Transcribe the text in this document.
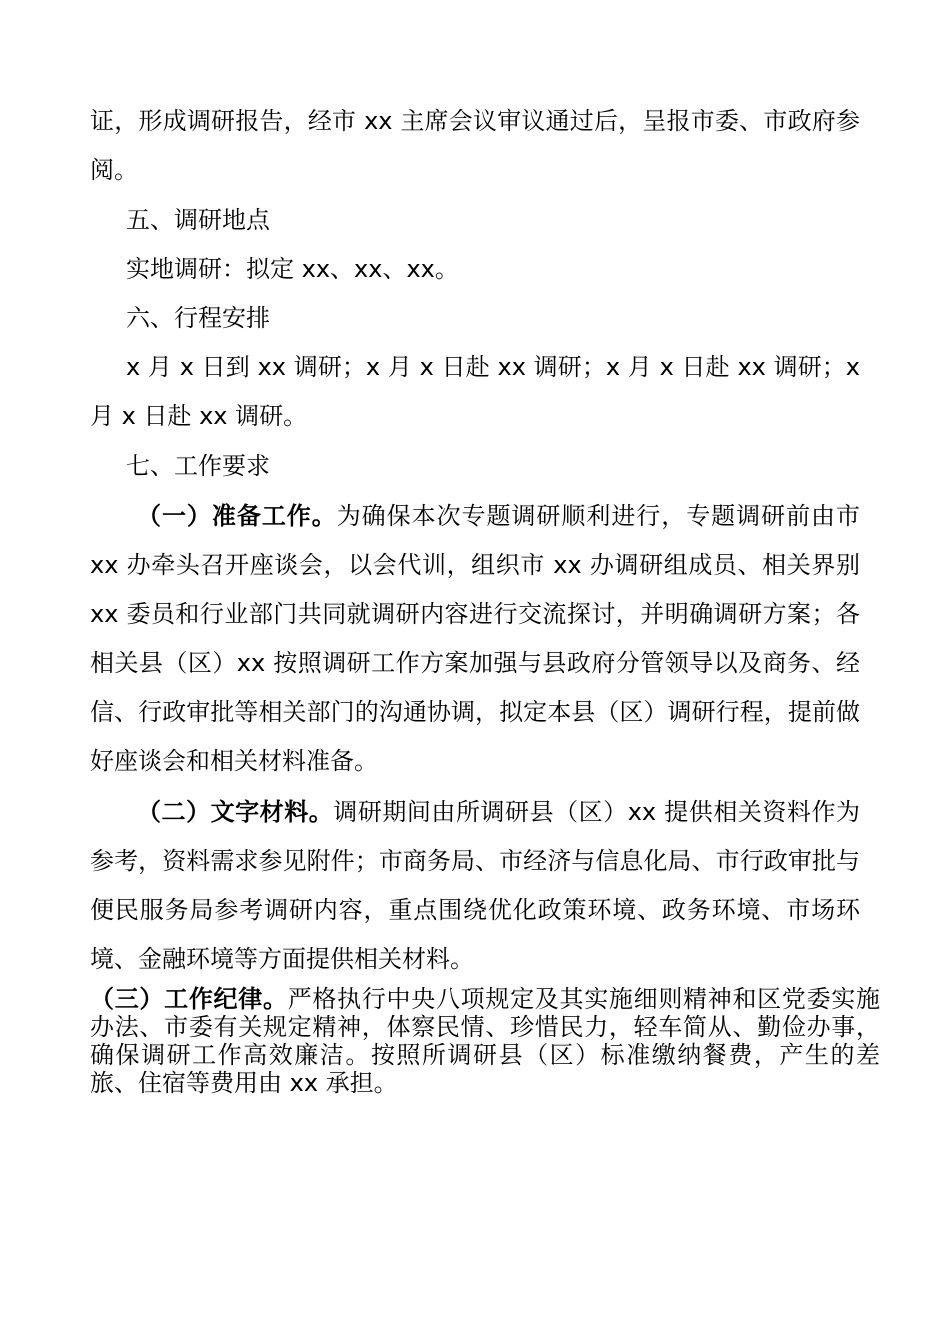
证，形成调研报告，经市 xx 主席会议审议通过后，呈报市委、市政府参阅。

五、调研地点

实地调研：拟定 xx、xx、xx。

六、行程安排

x 月 x 日到 xx 调研；x 月 x 日赴 xx 调研；x 月 x 日赴 xx 调研；x 月 x 日赴 xx 调研。

七、工作要求

（一）准备工作。为确保本次专题调研顺利进行，专题调研前由市 xx 办牵头召开座谈会，以会代训，组织市 xx 办调研组成员、相关界别 xx 委员和行业部门共同就调研内容进行交流探讨，并明确调研方案；各相关县（区）xx 按照调研工作方案加强与县政府分管领导以及商务、经信、行政审批等相关部门的沟通协调，拟定本县（区）调研行程，提前做好座谈会和相关材料准备。

（二）文字材料。调研期间由所调研县（区）xx 提供相关资料作为参考，资料需求参见附件；市商务局、市经济与信息化局、市行政审批与便民服务局参考调研内容，重点围绕优化政策环境、政务环境、市场环境、金融环境等方面提供相关材料。

（三）工作纪律。严格执行中央八项规定及其实施细则精神和区党委实施办法、市委有关规定精神，体察民情、珍惜民力，轻车简从、勤俭办事，确保调研工作高效廉洁。按照所调研县（区）标准缴纳餐费，产生的差旅、住宿等费用由 xx 承担。
